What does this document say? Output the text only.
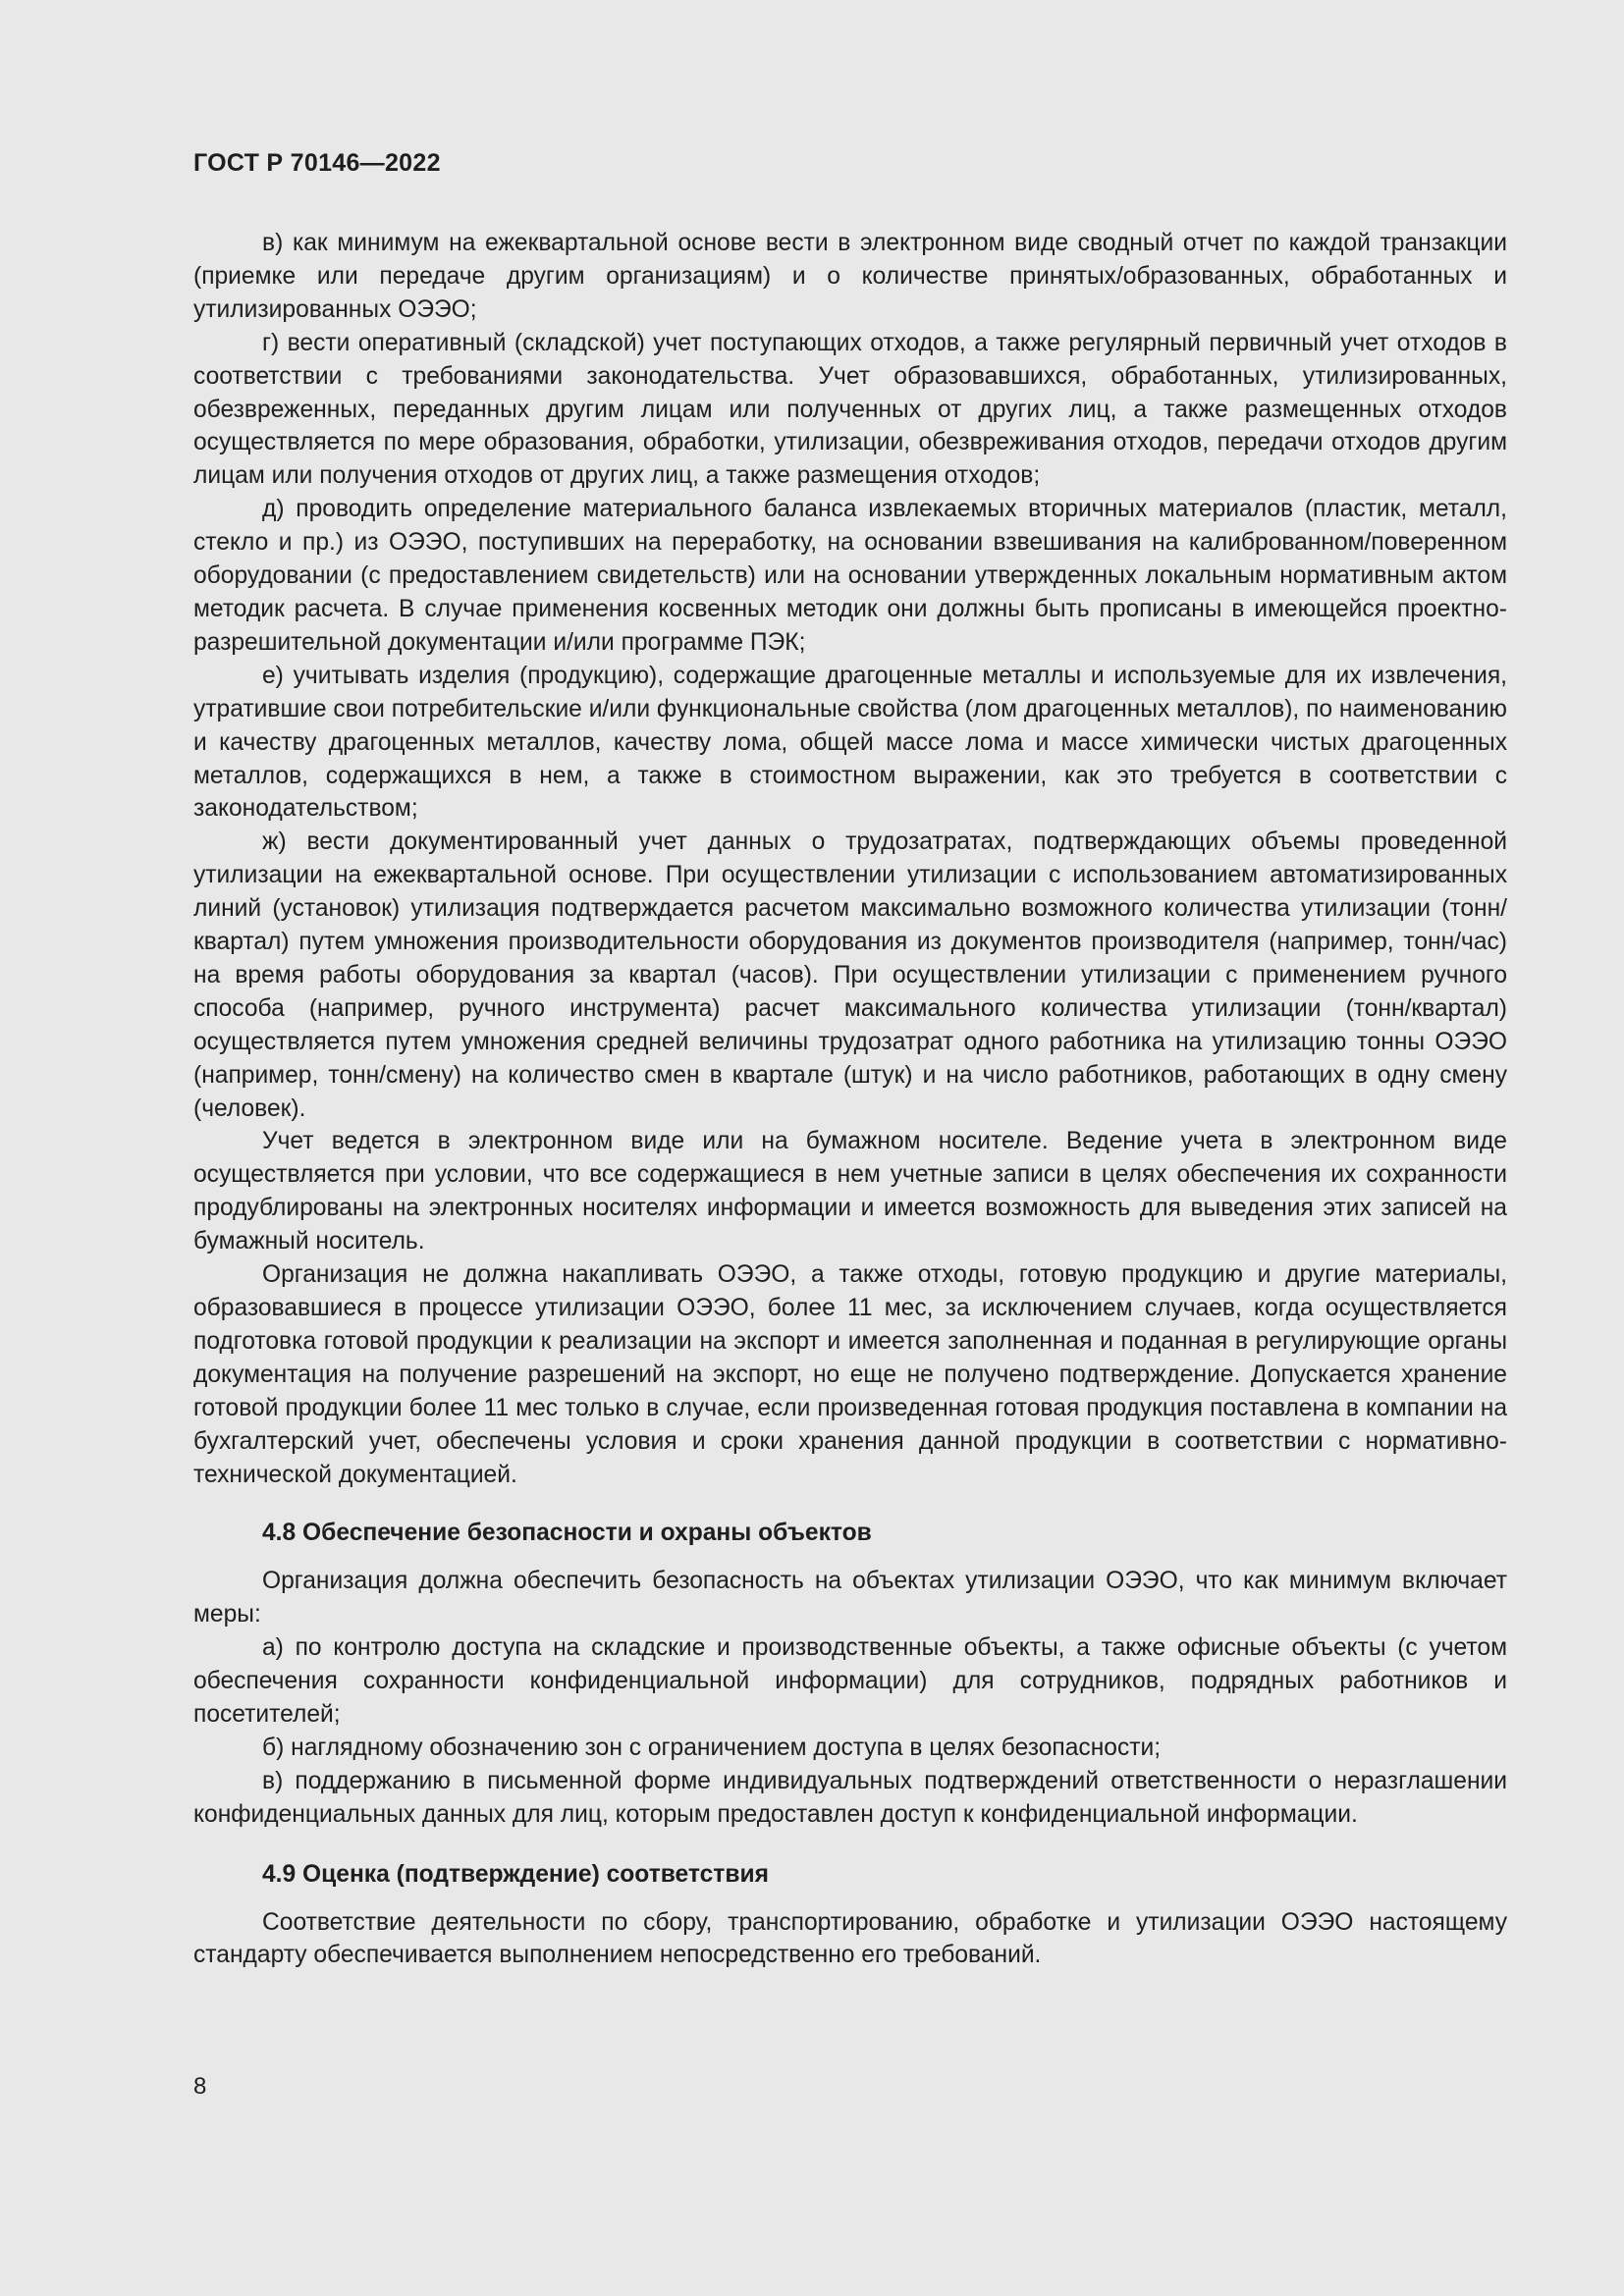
ГОСТ Р 70146—2022

в) как минимум на ежеквартальной основе вести в электронном виде сводный отчет по каждой транзакции (приемке или передаче другим организациям) и о количестве принятых/образованных, обработанных и утилизированных ОЭЭО;

г) вести оперативный (складской) учет поступающих отходов, а также регулярный первичный учет отходов в соответствии с требованиями законодательства. Учет образовавшихся, обработанных, утилизированных, обезвреженных, переданных другим лицам или полученных от других лиц, а также размещенных отходов осуществляется по мере образования, обработки, утилизации, обезвреживания отходов, передачи отходов другим лицам или получения отходов от других лиц, а также размещения отходов;

д) проводить определение материального баланса извлекаемых вторичных материалов (пластик, металл, стекло и пр.) из ОЭЭО, поступивших на переработку, на основании взвешивания на калиброванном/поверенном оборудовании (с предоставлением свидетельств) или на основании утвержденных локальным нормативным актом методик расчета. В случае применения косвенных методик они должны быть прописаны в имеющейся проектно-разрешительной документации и/или программе ПЭК;

е) учитывать изделия (продукцию), содержащие драгоценные металлы и используемые для их извлечения, утратившие свои потребительские и/или функциональные свойства (лом драгоценных металлов), по наименованию и качеству драгоценных металлов, качеству лома, общей массе лома и массе химически чистых драгоценных металлов, содержащихся в нем, а также в стоимостном выражении, как это требуется в соответствии с законодательством;

ж) вести документированный учет данных о трудозатратах, подтверждающих объемы проведенной утилизации на ежеквартальной основе. При осуществлении утилизации с использованием автоматизированных линий (установок) утилизация подтверждается расчетом максимально возможного количества утилизации (тонн/квартал) путем умножения производительности оборудования из документов производителя (например, тонн/час) на время работы оборудования за квартал (часов). При осуществлении утилизации с применением ручного способа (например, ручного инструмента) расчет максимального количества утилизации (тонн/квартал) осуществляется путем умножения средней величины трудозатрат одного работника на утилизацию тонны ОЭЭО (например, тонн/смену) на количество смен в квартале (штук) и на число работников, работающих в одну смену (человек).

Учет ведется в электронном виде или на бумажном носителе. Ведение учета в электронном виде осуществляется при условии, что все содержащиеся в нем учетные записи в целях обеспечения их сохранности продублированы на электронных носителях информации и имеется возможность для выведения этих записей на бумажный носитель.

Организация не должна накапливать ОЭЭО, а также отходы, готовую продукцию и другие материалы, образовавшиеся в процессе утилизации ОЭЭО, более 11 мес, за исключением случаев, когда осуществляется подготовка готовой продукции к реализации на экспорт и имеется заполненная и поданная в регулирующие органы документация на получение разрешений на экспорт, но еще не получено подтверждение. Допускается хранение готовой продукции более 11 мес только в случае, если произведенная готовая продукция поставлена в компании на бухгалтерский учет, обеспечены условия и сроки хранения данной продукции в соответствии с нормативно-технической документацией.

4.8 Обеспечение безопасности и охраны объектов

Организация должна обеспечить безопасность на объектах утилизации ОЭЭО, что как минимум включает меры:

а) по контролю доступа на складские и производственные объекты, а также офисные объекты (с учетом обеспечения сохранности конфиденциальной информации) для сотрудников, подрядных работников и посетителей;

б) наглядному обозначению зон с ограничением доступа в целях безопасности;

в) поддержанию в письменной форме индивидуальных подтверждений ответственности о неразглашении конфиденциальных данных для лиц, которым предоставлен доступ к конфиденциальной информации.

4.9 Оценка (подтверждение) соответствия

Соответствие деятельности по сбору, транспортированию, обработке и утилизации ОЭЭО настоящему стандарту обеспечивается выполнением непосредственно его требований.

8
